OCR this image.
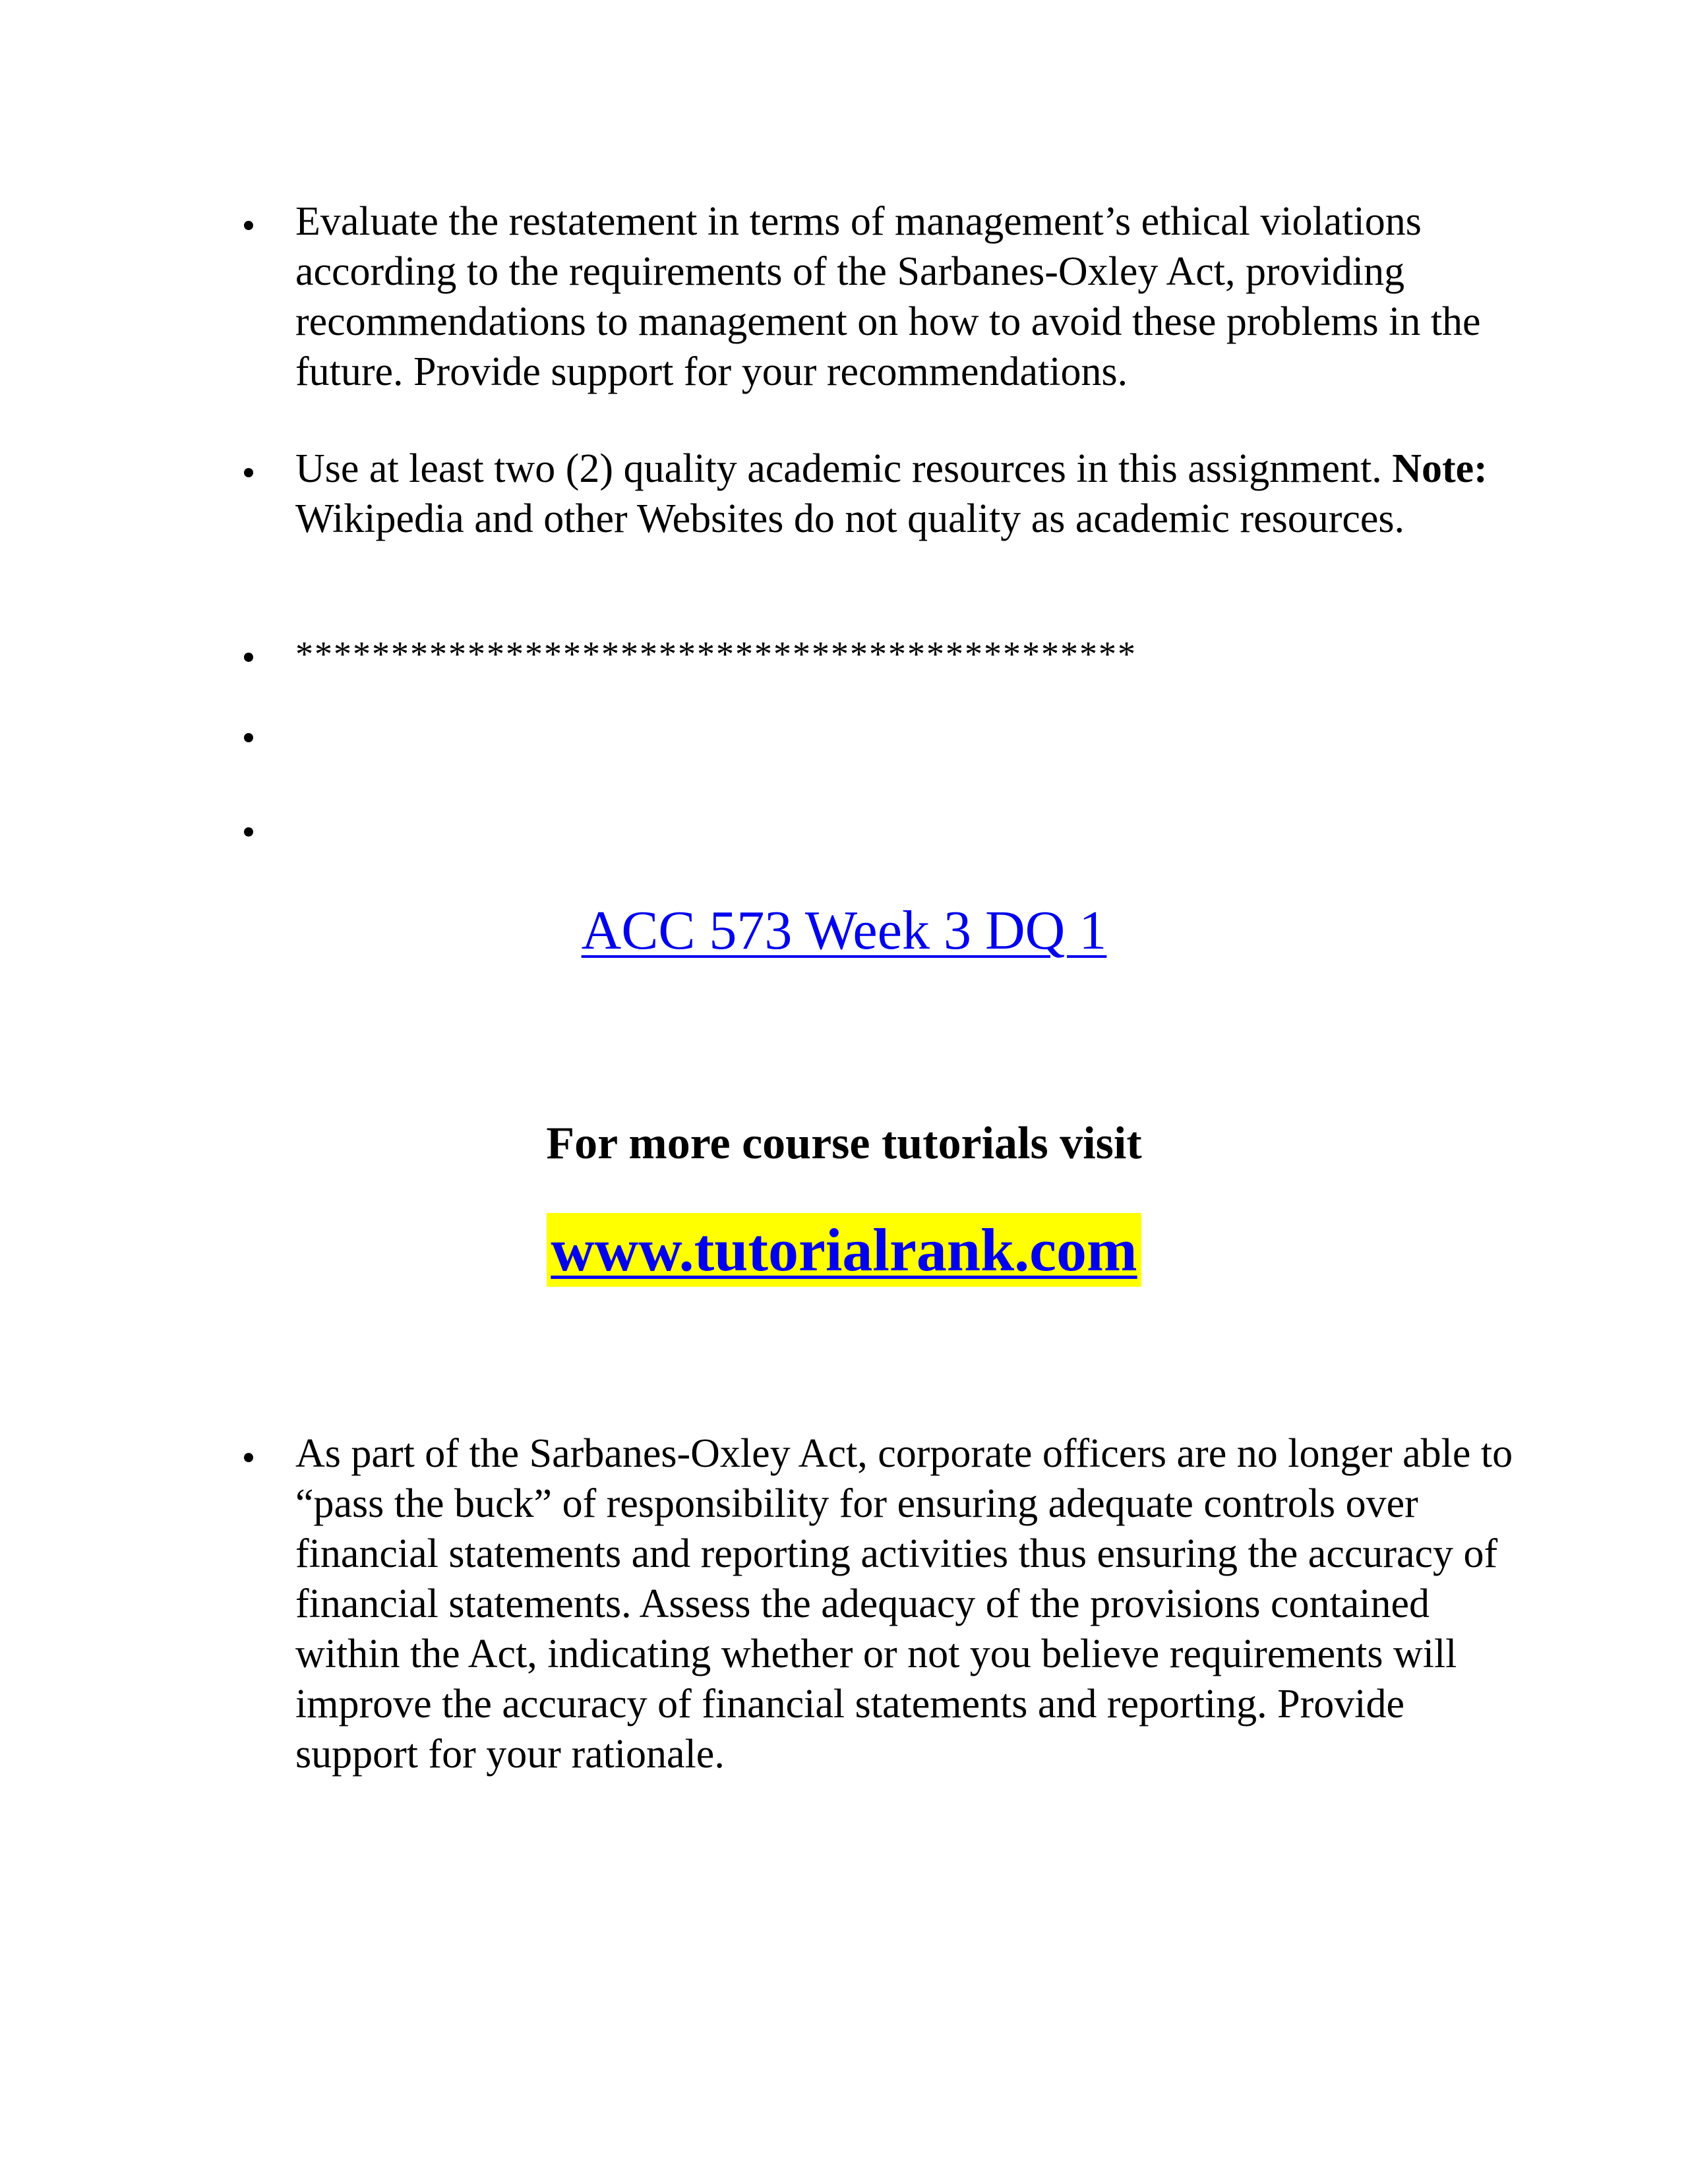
Evaluate the restatement in terms of management’s ethical violations according to the requirements of the Sarbanes-Oxley Act, providing recommendations to management on how to avoid these problems in the future. Provide support for your recommendations.
Use at least two (2) quality academic resources in this assignment. Note: Wikipedia and other Websites do not quality as academic resources.
********************************************
ACC 573 Week 3 DQ 1
For more course tutorials visit
www.tutorialrank.com
As part of the Sarbanes-Oxley Act, corporate officers are no longer able to “pass the buck” of responsibility for ensuring adequate controls over financial statements and reporting activities thus ensuring the accuracy of financial statements. Assess the adequacy of the provisions contained within the Act, indicating whether or not you believe requirements will improve the accuracy of financial statements and reporting. Provide support for your rationale.
